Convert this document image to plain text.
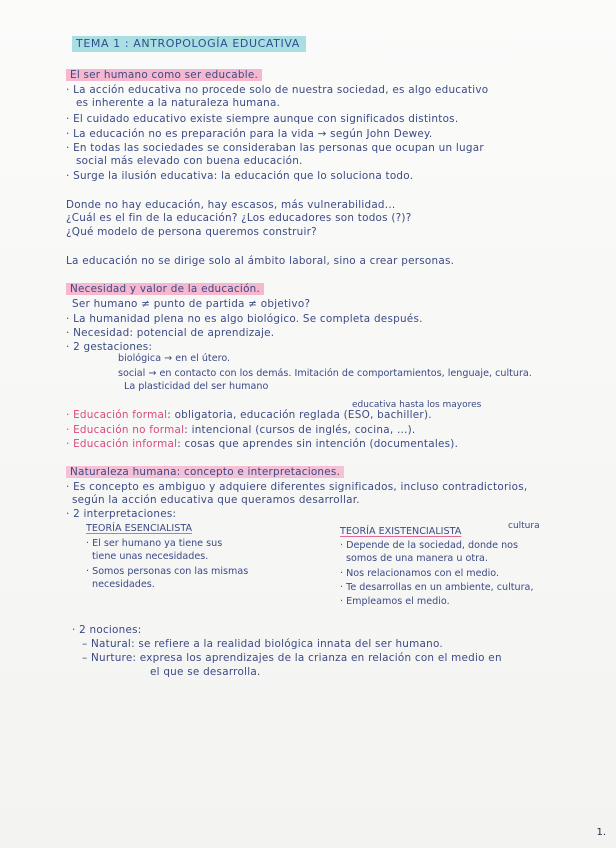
TEMA 1 : ANTROPOLOGÍA EDUCATIVA
El ser humano como ser educable.
· La acción educativa no procede solo de nuestra sociedad, es algo educativo
es inherente a la naturaleza humana.
· El cuidado educativo existe siempre aunque con significados distintos.
· La educación no es preparación para la vida → según John Dewey.
· En todas las sociedades se consideraban las personas que ocupan un lugar
social más elevado con buena educación.
· Surge la ilusión educativa: la educación que lo soluciona todo.
Donde no hay educación, hay escasos, más vulnerabilidad...
¿Cuál es el fin de la educación? ¿Los educadores son todos (?)?
¿Qué modelo de persona queremos construir?
La educación no se dirige solo al ámbito laboral, sino a crear personas.
Necesidad y valor de la educación.
Ser humano ≠ punto de partida ≠ objetivo?
· La humanidad plena no es algo biológico. Se completa después.
· Necesidad: potencial de aprendizaje.
· 2 gestaciones:
biológica → en el útero.
social → en contacto con los demás. Imitación de comportamientos, lenguaje, cultura.
La plasticidad del ser humano
educativa hasta los mayores
· Educación formal: obligatoria, educación reglada (ESO, bachiller).
· Educación no formal: intencional (cursos de inglés, cocina, ...).
· Educación informal: cosas que aprendes sin intención (documentales).
Naturaleza humana: concepto e interpretaciones.
· Es concepto es ambiguo y adquiere diferentes significados, incluso contradictorios,
según la acción educativa que queramos desarrollar.
· 2 interpretaciones:
TEORÍA ESENCIALISTA
· El ser humano ya tiene sus
tiene unas necesidades.
· Somos personas con las mismas
necesidades.
cultura
TEORÍA EXISTENCIALISTA
· Depende de la sociedad, donde nos
somos de una manera u otra.
· Nos relacionamos con el medio.
· Te desarrollas en un ambiente, cultura,
· Empleamos el medio.
· 2 nociones:
– Natural: se refiere a la realidad biológica innata del ser humano.
– Nurture: expresa los aprendizajes de la crianza en relación con el medio en
el que se desarrolla.
1.
